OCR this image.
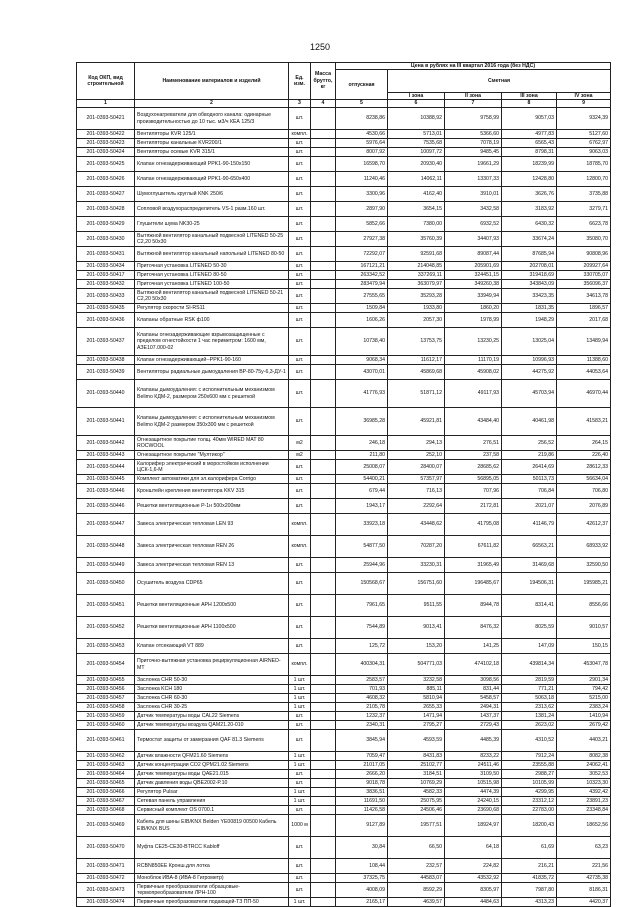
1250
Код ОКП, вид строительной	Наименование материалов и изделий	Ед. изм.	Масса брутто, кг	Цена в рублях на III квартал 2016 года (без НДС)				
				отпускная	Сметная			
					I зона	II зона	III зона	IV зона
1	2	3	4	5	6	7	8	9
201-0393-50421	Воздухонагреватели для обводного канала: одинарные производительностью до 10 тыс. м3/ч КЕА 125/3	шт.		8238,86	10388,92	9758,99	9057,03	9324,39
201-0393-50422	Вентиляторы KVR 125/1	компл.		4530,66	5713,01	5366,60	4977,83	5127,60
201-0393-50423	Вентиляторы канальные KVR200/1	шт.		5976,64	7535,68	7078,19	6565,43	6762,97
201-0393-50424	Вентиляторы осевые KVR 315/1	шт.		8007,92	10097,72	9485,45	8798,31	9063,03
201-0393-50425	Клапан огнезадерживающий PPK1-90-150х150	шт.		16598,70	20930,40	19661,29	18239,99	18785,70
201-0393-50426	Клапан огнезадерживающий PPK1-90-650х400	шт.		11240,46	14062,11	13307,33	12428,80	12800,70
201-0393-50427	Шумоглушитель круглый KNK 250/6	шт.		3300,96	4162,40	3910,01	3626,76	3735,88
201-0393-50428	Сопловой воздухораспределитель VS-1 разм.160 шт.	шт.		2897,90	3654,15	3432,58	3183,92	3279,71
201-0393-50429	Глушители шума NK30-25	шт.		5852,66	7380,00	6932,52	6430,32	6623,78
201-0393-50430	Вытяжной вентилятор канальный подвесной LITENED 50-25 С2,20 50х30	шт.		27927,38	35760,39	34407,93	33674,24	35080,70
201-0393-50431	Вытяжной вентилятор канальный напольный LITENED 80-50	шт.		72292,07	92591,68	89087,44	87685,94	90808,96
201-0393-50434	Приточная установка LITENED 50-30	шт.		167121,21	214048,85	205901,69	202708,01	209927,64
201-0393-50417	Приточная установка LITENED 80-50	шт.		263342,52	337269,11	324451,15	319418,69	330705,07
201-0393-50432	Приточная установка LITENED 100-50	шт.		283479,94	363079,97	349260,38	343843,09	356096,37
201-0393-50433	Вытяжной вентилятор канальный подвесной LITENED 50-21 С2,20 50х30	шт.		27555,65	35293,28	33949,94	33423,35	34613,78
201-0393-50435	Регулятор скорости SI-RS11	шт.		1509,84	1933,80	1860,20	1831,35	1896,57
201-0393-50436	Клапаны обратные RSK ф100	шт.		1606,26	2057,30	1978,99	1948,29	2017,68
201-0393-50437	Клапаны огнезадерживающие взрывозащищенные с пределом огнестойкости 1 час периметром: 1600 мм, АЗЕ107.000-02	шт.		10738,40	13753,75	13230,25	13025,04	13489,94
201-0393-50438	Клапан огнезадерживающий--PPK1-90-160	шт.		9068,34	11612,17	11170,19	10996,93	11388,60
201-0393-50439	Вентиляторы радиальные дымоудаления ВР-80-75у-6,3-ДУ-1	шт.		43070,01	45869,68	45908,02	44275,92	44053,64
201-0393-50440	Клапаны дымоудаления: с исполнительным механизмом Belimo КДМ-2, размером 250х600 мм с решеткой	шт.		41776,93	51871,12	49117,93	45703,94	46970,44
201-0393-50441	Клапаны дымоудаления: с исполнительным механизмом Belimo КДМ-2 размером 350х300 мм с решеткой	шт.		36985,28	45921,81	43484,40	40461,98	41583,21
201-0393-50442	Огнезащитное покрытие толщ. 40мм WIRED MAT 80 ROCWOOL	м2		246,18	294,13	276,51	256,52	264,15
201-0393-50443	Огнезащитное покрытие "Мултикор"	м2		211,80	252,10	237,58	219,86	226,40
201-0393-50444	Калорифер электрический в моростойком исполнении ЦСК-1,6-М	шт.		25008,07	28400,07	28685,62	26414,69	28612,33
201-0393-50445	Комплект автоматики для эл.калорифера Corrigo	шт.		54400,21	57357,97	56895,05	50113,73	56634,04
201-0393-50446	Кронштейн крепления вентилятора KKV 315	шт.		679,44	716,13	707,96	706,84	706,80
201-0393-50446	Решетки вентиляционные Р-1н 500х200мм	шт.		1943,17	2292,64	2172,81	2021,07	2076,89
201-0393-50447	Завеса электрическая тепловая LEN 93	компл.		33923,18	43448,62	41795,08	41146,79	42612,37
201-0393-50448	Завеса электрическая тепловая REN 26	компл.		54877,50	70287,20	67611,82	66563,21	68933,92
201-0393-50449	Завеса электрическая тепловая REN 13	шт.		25944,96	33230,31	31965,49	31469,68	32590,50
201-0393-50450	Осушитель воздуха CDP65	шт.		150568,67	156751,60	196485,67	194506,31	195985,21
201-0393-50451	Решетки вентиляционные АРН 1200х500	шт.		7961,65	9511,55	8944,78	8314,41	8556,66
201-0393-50452	Решетки вентиляционные АРН 1100х500	шт.		7544,89	9013,41	8476,32	8025,59	9010,57
201-0393-50453	Клапан отсекающий VT 889	шт.		125,72	153,20	141,25	147,09	150,15
201-0393-50454	Приточно-вытяжная установка рециркуляционная AIRNED-MT	компл.		400304,31	504771,03	474102,18	439814,34	453047,78
201-0393-50455	Заслонка CHR 50-30	1 шт.		2583,57	3232,58	3098,56	2819,59	2901,34
201-0393-50456	Заслонка KCH 180	1 шт.		701,93	885,11	831,44	771,21	794,42
201-0393-50457	Заслонка CHR 60-30	1 шт.		4608,32	5810,94	5458,57	5063,18	5215,00
201-0393-50458	Заслонка CHR 30-25	1 шт.		2105,78	2655,33	2494,31	2313,62	2383,24
201-0393-50459	Датчик температуры воды CAL22 Siemens	шт.		1232,37	1471,94	1437,37	1381,24	1410,94
201-0393-50460	Датчик температуры воздуха QAM21.20-010	шт.		2340,31	2795,27	2729,43	2623,02	2679,42
201-0393-50461	Термостат защиты от замерзания QAF 81.3 Siemens	шт.		3845,94	4593,59	4485,39	4310,52	4403,21
201-0393-50462	Датчик влажности QFM21.60 Siemens	1 шт.		7059,47	8431,83	8233,22	7912,24	8082,38
201-0393-50463	Датчик концентрации CO2 QPM21.02 Siemens	1 шт.		21017,05	25102,77	24511,46	23555,88	24062,41
201-0393-50464	Датчик температуры воды QAE21.015	шт.		2666,20	3184,51	3109,50	2988,27	3052,53
201-0393-50465	Датчик давления воды QBE2002-P.10	шт.		9018,78	10769,29	10515,98	10105,99	10323,30
201-0393-50466	Регулятор Pulsar	1 шт.		3836,51	4582,33	4474,39	4299,95	4392,42
201-0393-50467	Сетевая панель управления	1 шт.		11691,50	25075,95	24240,15	23312,12	23891,23
201-0393-50468	Сервисный комплект OS 0700.1	шт.		11426,58	24506,46	23690,68	22783,00	23348,84
201-0393-50469	Кабель для шины EIB/KNX Belden YE00819 00500 Кабель EIB/KNX BUS	1000 м		9127,89	19577,51	18924,97	18200,43	18652,56
201-0393-50470	Муфта CE25-CE30-BTRCC Kabloff	шт.		30,84	66,50	64,18	61,69	63,23
201-0393-50471	RCBN850EE Кронш.для лотка	шт.		108,44	232,57	224,82	216,21	221,56
201-0393-50472	Моноблок ИВА-8 (ИВА-8 Гигрометр)	шт.		37325,75	44583,07	43532,92	41835,72	42735,38
201-0393-50473	Первичные преобразователи образцовые-термопреобразователи ЛРН-100	шт.		4008,09	8592,29	8305,97	7987,80	8186,31
201-0393-50474	Первичные преобразователи подающей-ТЗ ПП-50	1 шт.		2165,17	4639,57	4484,63	4313,23	4420,37
